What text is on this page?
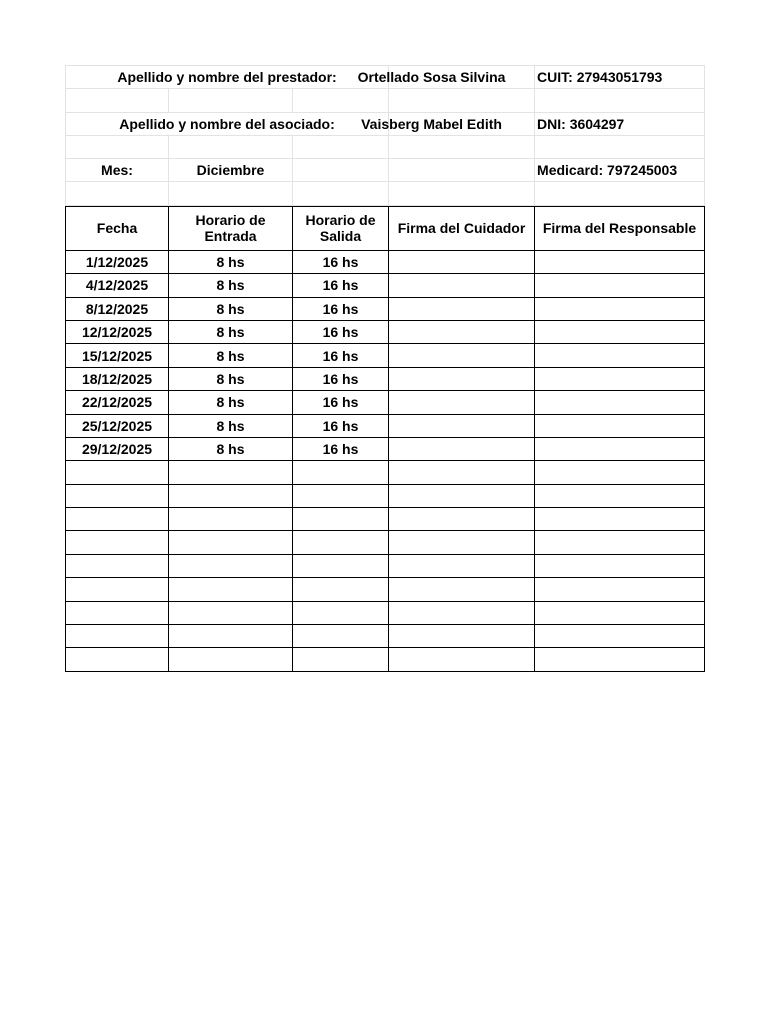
Apellido y nombre del prestador:			Ortellado Sosa Silvina	CUIT: 27943051793

Apellido y nombre del asociado:			Vaisberg Mabel Edith	DNI: 3604297

Mes:	Diciembre			Medicard: 797245003

Fecha	Horario de Entrada	Horario de Salida	Firma del Cuidador	Firma del Responsable
1/12/2025	8 hs	16 hs		
4/12/2025	8 hs	16 hs		
8/12/2025	8 hs	16 hs		
12/12/2025	8 hs	16 hs		
15/12/2025	8 hs	16 hs		
18/12/2025	8 hs	16 hs		
22/12/2025	8 hs	16 hs		
25/12/2025	8 hs	16 hs		
29/12/2025	8 hs	16 hs		
